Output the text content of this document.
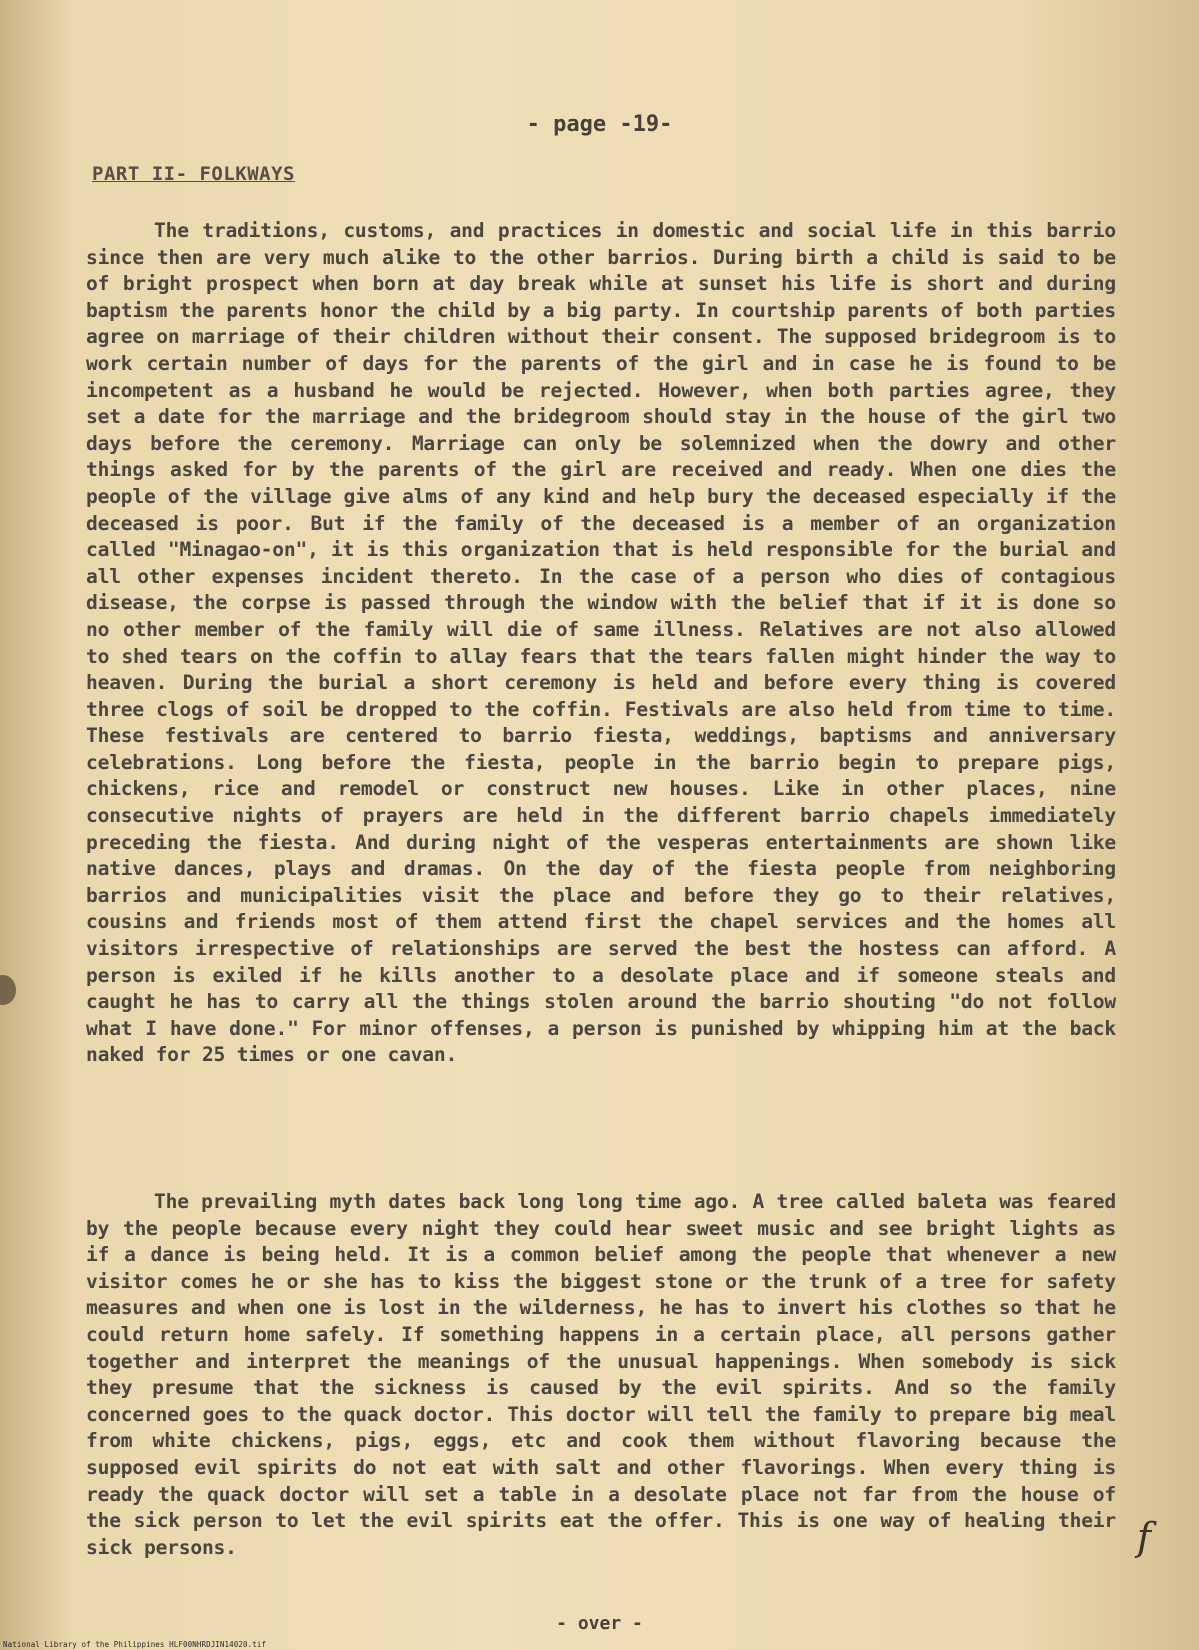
- page -19-
PART II- FOLKWAYS

The traditions, customs, and practices in domestic and social life in this barrio since then are very much alike to the other barrios. During birth a child is said to be of bright prospect when born at day break while at sunset his life is short and during baptism the parents honor the child by a big party. In courtship parents of both parties agree on marriage of their children without their consent. The supposed bridegroom is to work certain number of days for the parents of the girl and in case he is found to be incompetent as a husband he would be rejected. However, when both parties agree, they set a date for the marriage and the bridegroom should stay in the house of the girl two days before the ceremony. Marriage can only be solemnized when the dowry and other things asked for by the parents of the girl are received and ready. When one dies the people of the village give alms of any kind and help bury the deceased especially if the deceased is poor. But if the family of the deceased is a member of an organization called "Minagao-on", it is this organization that is held responsible for the burial and all other expenses incident thereto. In the case of a person who dies of contagious disease, the corpse is passed through the window with the belief that if it is done so no other member of the family will die of same illness. Relatives are not also allowed to shed tears on the coffin to allay fears that the tears fallen might hinder the way to heaven. During the burial a short ceremony is held and before every thing is covered three clogs of soil be dropped to the coffin. Festivals are also held from time to time. These festivals are centered to barrio fiesta, weddings, baptisms and anniversary celebrations. Long before the fiesta, people in the barrio begin to prepare pigs, chickens, rice and remodel or construct new houses. Like in other places, nine consecutive nights of prayers are held in the different barrio chapels immediately preceding the fiesta. And during night of the vesperas entertainments are shown like native dances, plays and dramas. On the day of the fiesta people from neighboring barrios and municipalities visit the place and before they go to their relatives, cousins and friends most of them attend first the chapel services and the homes all visitors irrespective of relationships are served the best the hostess can afford. A person is exiled if he kills another to a desolate place and if someone steals and caught he has to carry all the things stolen around the barrio shouting "do not follow what I have done." For minor offenses, a person is punished by whipping him at the back naked for 25 times or one cavan.

The prevailing myth dates back long long time ago. A tree called baleta was feared by the people because every night they could hear sweet music and see bright lights as if a dance is being held. It is a common belief among the people that whenever a new visitor comes he or she has to kiss the biggest stone or the trunk of a tree for safety measures and when one is lost in the wilderness, he has to invert his clothes so that he could return home safely. If something happens in a certain place, all persons gather together and interpret the meanings of the unusual happenings. When somebody is sick they presume that the sickness is caused by the evil spirits. And so the family concerned goes to the quack doctor. This doctor will tell the family to prepare big meal from white chickens, pigs, eggs, etc and cook them without flavoring because the supposed evil spirits do not eat with salt and other flavorings. When every thing is ready the quack doctor will set a table in a desolate place not far from the house of the sick person to let the evil spirits eat the offer. This is one way of healing their sick persons.	f
- over -
National Library of the Philippines HLF00NHRDJIN14020.tif
